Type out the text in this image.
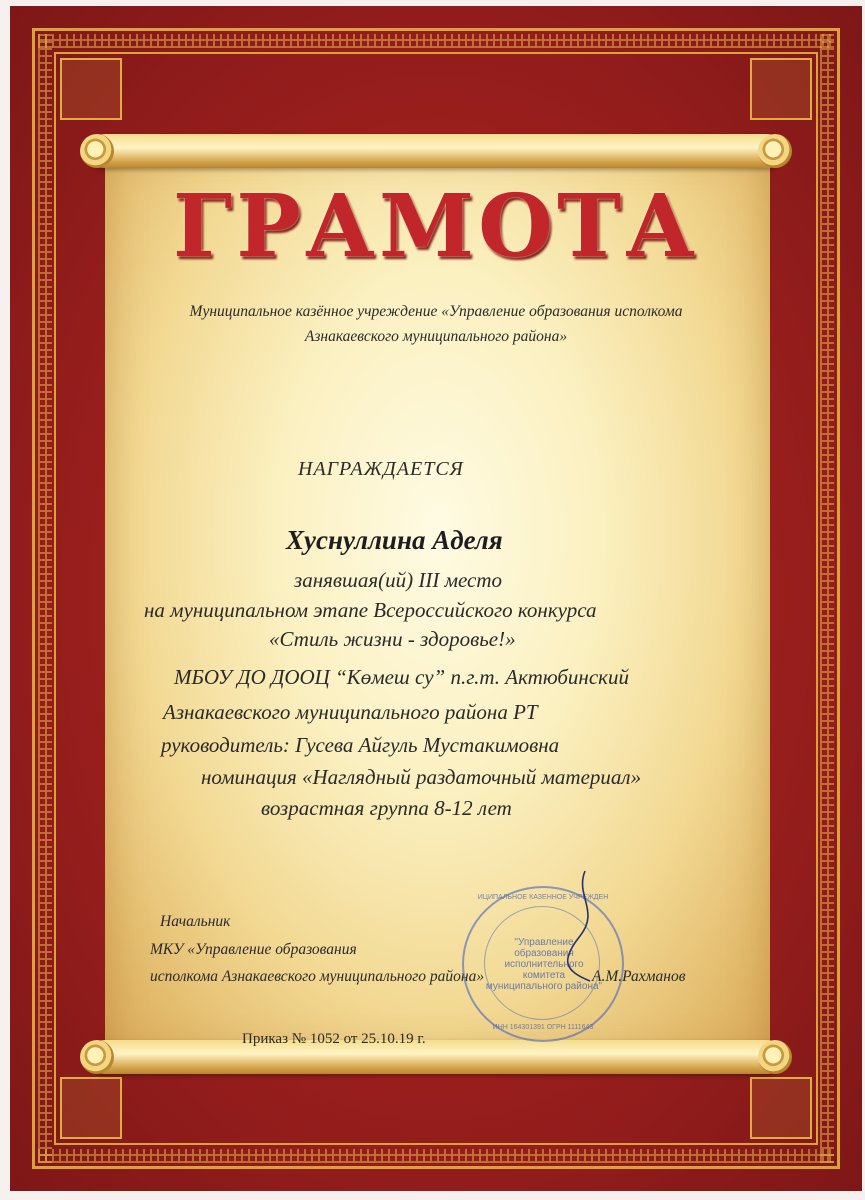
ГРАМОТА
Муниципальное казённое учреждение «Управление образования исполкома
Азнакаевского муниципального района»
НАГРАЖДАЕТСЯ
Хуснуллина Аделя
занявшая(ий) III место
на муниципальном этапе Всероссийского конкурса
«Стиль жизни - здоровье!»
МБОУ ДО ДООЦ “Көмеш су” п.г.т. Актюбинский
Азнакаевского муниципального района РТ
руководитель: Гусева Айгуль Мустакимовна
номинация «Наглядный раздаточный материал»
возрастная группа 8-12 лет
Начальник
МКУ «Управление образования
исполкома Азнакаевского муниципального района»	А.М.Рахманов
ИЦИПАЛЬНОЕ КАЗЕННОЕ УЧРЕЖДЕН
"Управление образования исполнительного комитета муниципального района"
ИНН 164301391 ОГРН 1111643
Приказ № 1052 от 25.10.19 г.
